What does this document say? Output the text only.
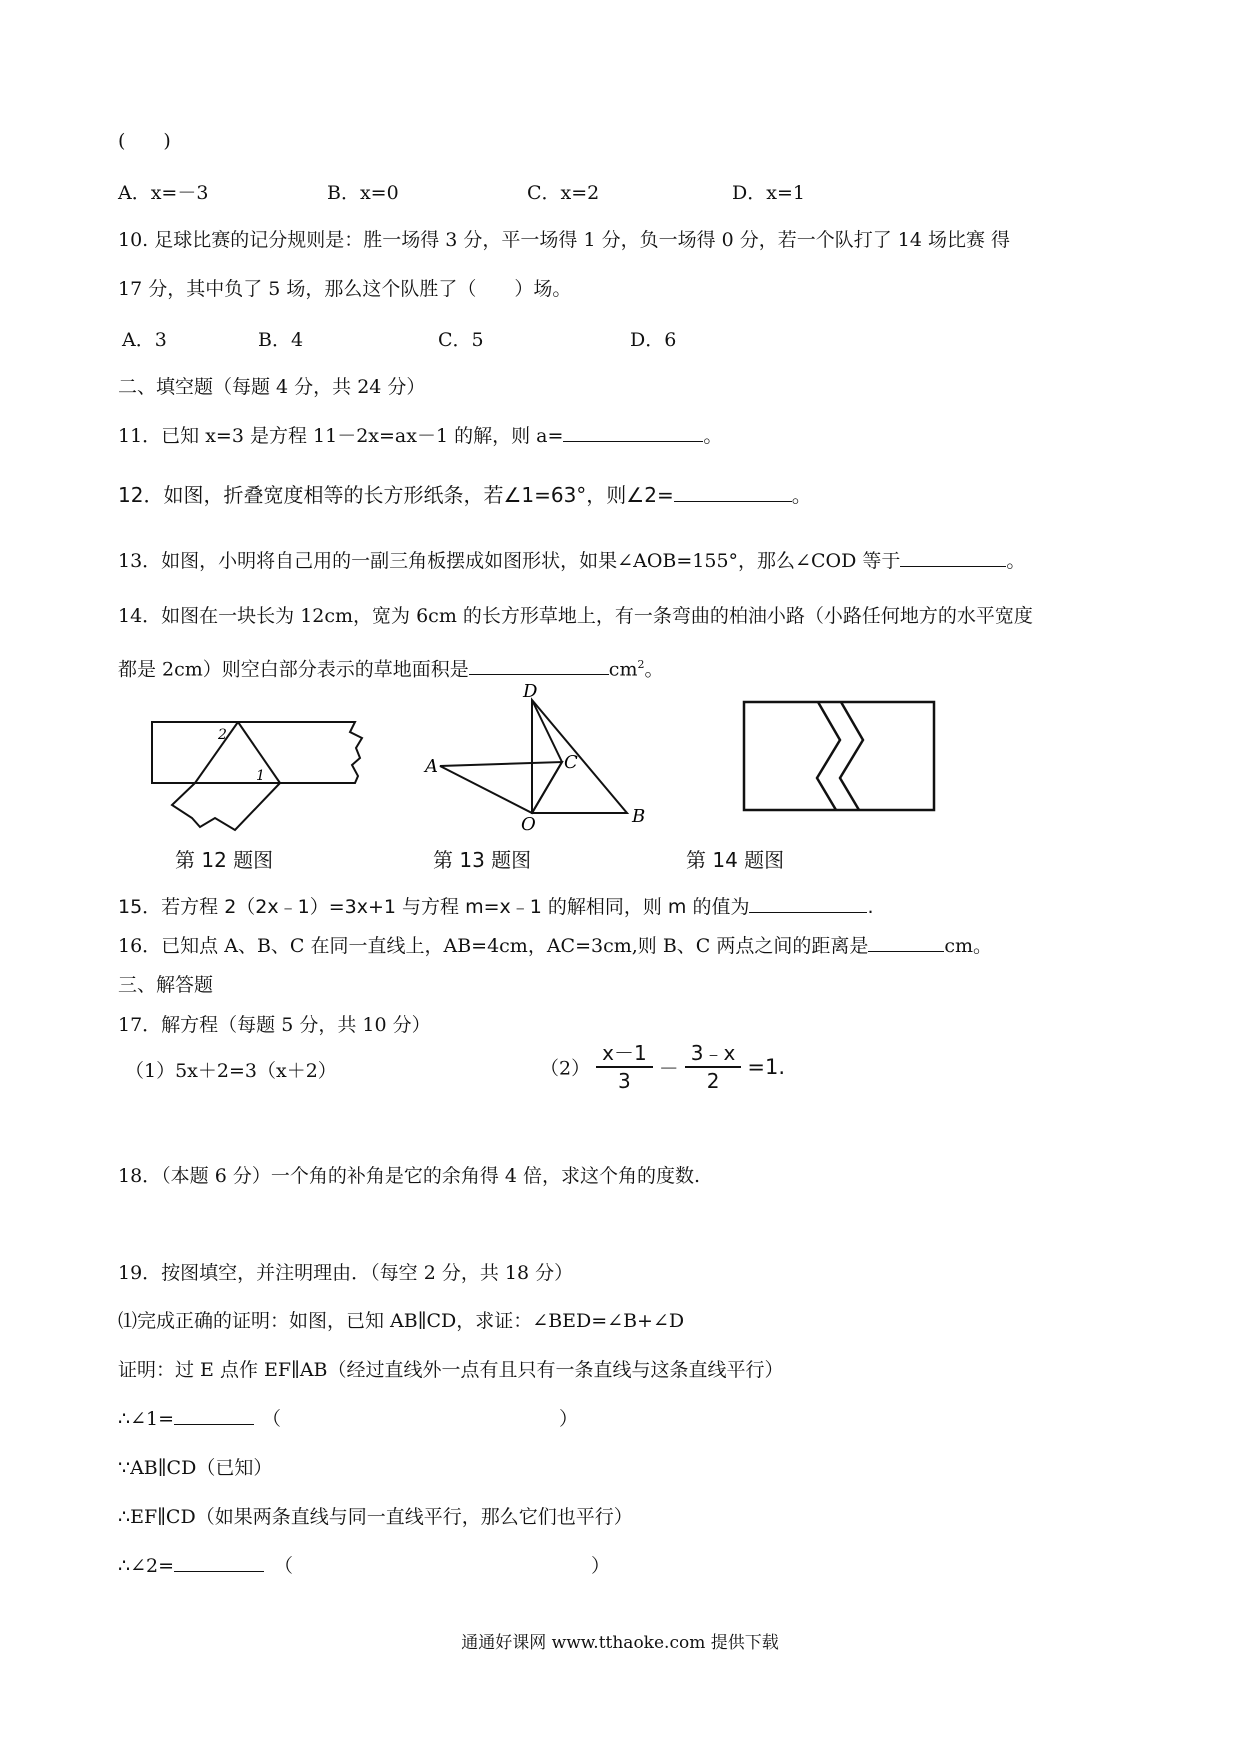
(　　)
A．x=－3	B．x=0	C．x=2	D．x=1
10. 足球比赛的记分规则是：胜一场得 3 分，平一场得 1 分，负一场得 0 分，若一个队打了 14 场比赛 得
17 分，其中负了 5 场，那么这个队胜了（　　）场。
A．3	B．4	C．5	D．6
二、填空题（每题 4 分，共 24 分）
11．已知 x=3 是方程 11－2x=ax－1 的解，则 a=	。
12．如图，折叠宽度相等的长方形纸条，若∠1=63°，则∠2=	。
13．如图，小明将自己用的一副三角板摆成如图形状，如果∠AOB=155°，那么∠COD 等于	。
14．如图在一块长为 12cm，宽为 6cm 的长方形草地上，有一条弯曲的柏油小路（小路任何地方的水平宽度
都是 2cm）则空白部分表示的草地面积是	$cm^2$。
2
1
D
A	C
O	B
第 12 题图	第 13 题图	第 14 题图
15．若方程 2（2x﹣1）=3x+1 与方程 m=x﹣1 的解相同，则 m 的值为	.
16．已知点 A、B、C 在同一直线上，AB=4cm，AC=3cm,则 B、C 两点之间的距离是	cm。
三、解答题
17．解方程（每题 5 分，共 10 分）
（1）5x＋2=3（x＋2）	$(2) \frac{x-1}{3} - \frac{3﹣x}{2} =1$.
18．（本题 6 分）一个角的补角是它的余角得 4 倍，求这个角的度数.
19．按图填空，并注明理由．（每空 2 分，共 18 分）
⑴完成正确的证明：如图，已知 AB∥CD，求证：∠BED=∠B+∠D
证明：过 E 点作 EF∥AB（经过直线外一点有且只有一条直线与这条直线平行）
∴∠1=	（	）
∵AB∥CD（已知）
∴EF∥CD（如果两条直线与同一直线平行，那么它们也平行）
∴∠2=	（	）
通通好课网 www.tthaoke.com 提供下载
